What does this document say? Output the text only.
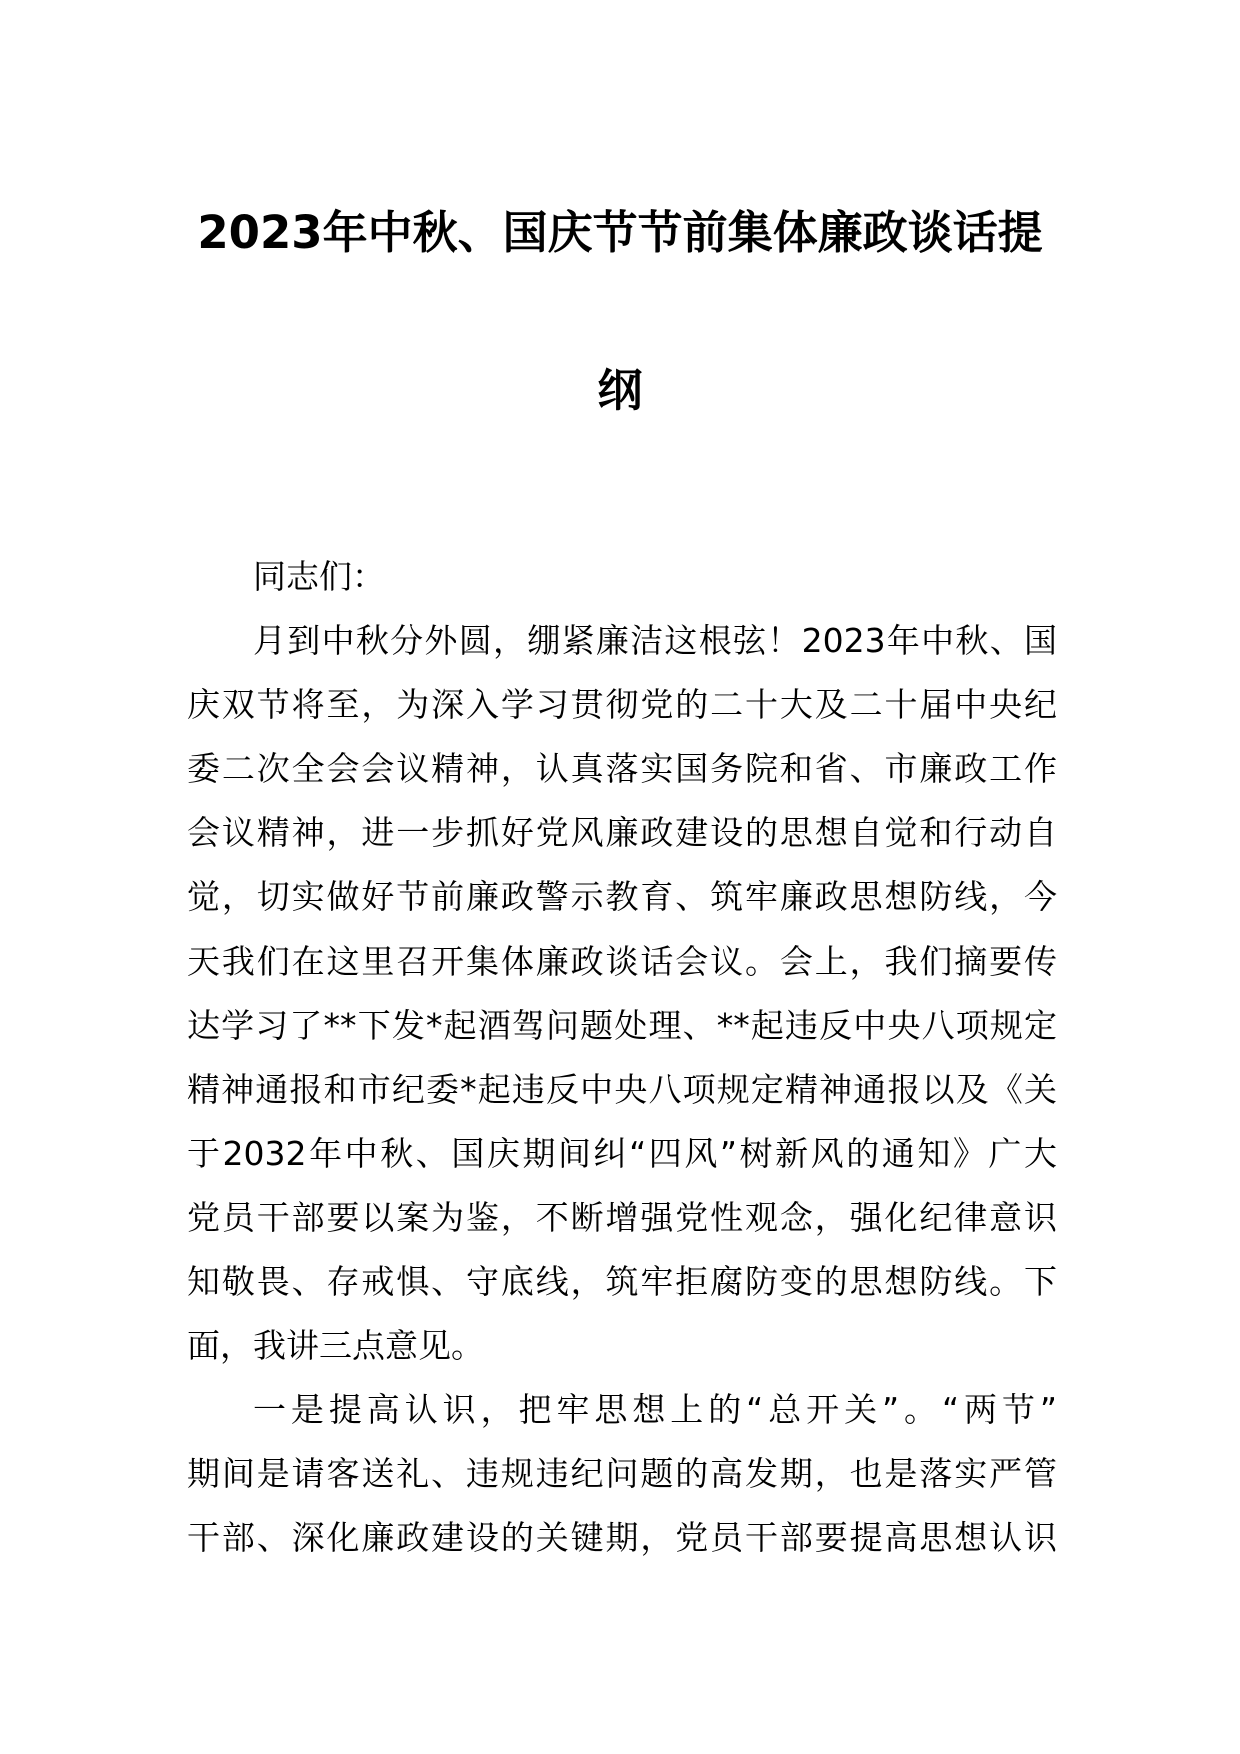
2023年中秋、国庆节节前集体廉政谈话提
纲
同志们：
月到中秋分外圆，绷紧廉洁这根弦！2023年中秋、国
庆双节将至，为深入学习贯彻党的二十大及二十届中央纪
委二次全会会议精神，认真落实国务院和省、市廉政工作
会议精神，进一步抓好党风廉政建设的思想自觉和行动自
觉，切实做好节前廉政警示教育、筑牢廉政思想防线，今
天我们在这里召开集体廉政谈话会议。会上，我们摘要传
达学习了**下发*起酒驾问题处理、**起违反中央八项规定
精神通报和市纪委*起违反中央八项规定精神通报以及《关
于2032年中秋、国庆期间纠“四风”树新风的通知》广大
党员干部要以案为鉴，不断增强党性观念，强化纪律意识
知敬畏、存戒惧、守底线，筑牢拒腐防变的思想防线。下
面，我讲三点意见。
一是提高认识，把牢思想上的“总开关”。“两节”
期间是请客送礼、违规违纪问题的高发期，也是落实严管
干部、深化廉政建设的关键期，党员干部要提高思想认识
